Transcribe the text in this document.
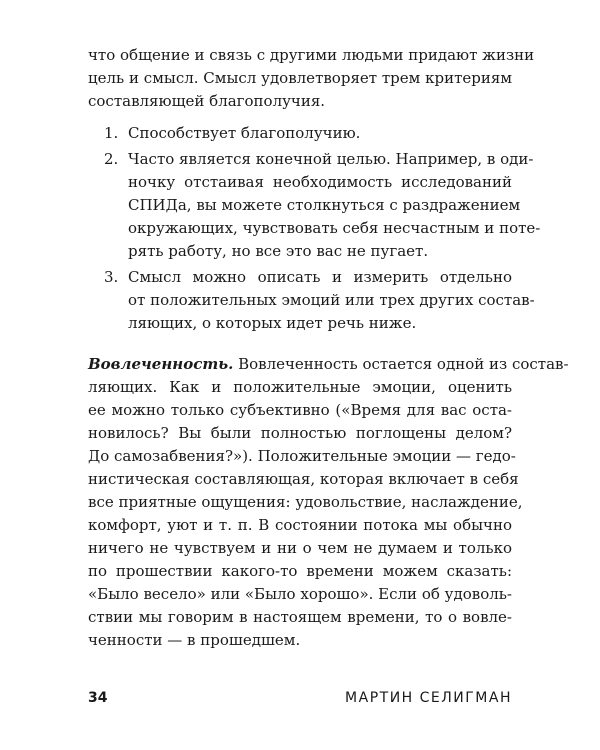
что общение и связь с другими людьми придают жизни
цель и смысл. Смысл удовлетворяет трем критериям
составляющей благополучия.
1. Способствует благополучию.
2. Часто является конечной целью. Например, в оди-
ночку отстаивая необходимость исследований
СПИДа, вы можете столкнуться с раздражением
окружающих, чувствовать себя несчастным и поте-
рять работу, но все это вас не пугает.
3. Смысл можно описать и измерить отдельно
от положительных эмоций или трех других состав-
ляющих, о которых идет речь ниже.
Вовлеченность. Вовлеченность остается одной из состав-
ляющих. Как и положительные эмоции, оценить
ее можно только субъективно («Время для вас оста-
новилось? Вы были полностью поглощены делом?
До самозабвения?»). Положительные эмоции — гедо-
нистическая составляющая, которая включает в себя
все приятные ощущения: удовольствие, наслаждение,
комфорт, уют и т. п. В состоянии потока мы обычно
ничего не чувствуем и ни о чем не думаем и только
по прошествии какого-то времени можем сказать:
«Было весело» или «Было хорошо». Если об удоволь-
ствии мы говорим в настоящем времени, то о вовле-
ченности — в прошедшем.
34	МАРТИН СЕЛИГМАН
